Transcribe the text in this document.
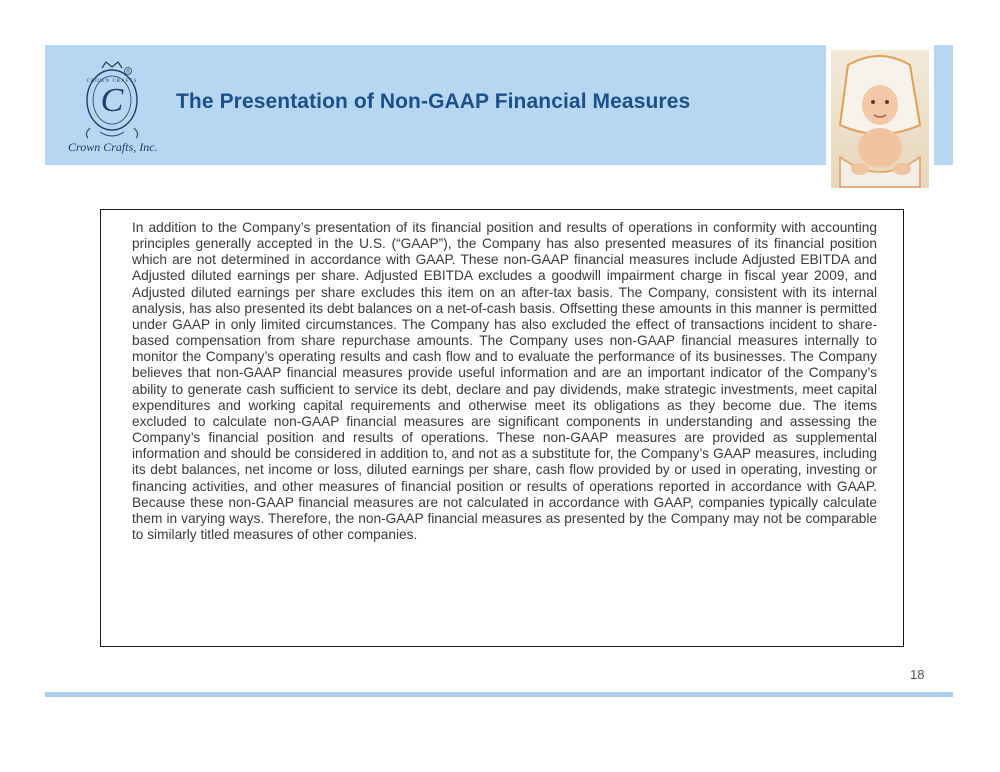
C
CROWN CRAFTS
®
Crown Crafts, Inc.
The Presentation of Non-GAAP Financial Measures

In addition to the Company’s presentation of its financial position and results of operations in conformity with accounting principles generally accepted in the U.S. (“GAAP”), the Company has also presented measures of its financial position which are not determined in accordance with GAAP. These non-GAAP financial measures include Adjusted EBITDA and Adjusted diluted earnings per share. Adjusted EBITDA excludes a goodwill impairment charge in fiscal year 2009, and Adjusted diluted earnings per share excludes this item on an after-tax basis. The Company, consistent with its internal analysis, has also presented its debt balances on a net-of-cash basis. Offsetting these amounts in this manner is permitted under GAAP in only limited circumstances. The Company has also excluded the effect of transactions incident to share-based compensation from share repurchase amounts. The Company uses non-GAAP financial measures internally to monitor the Company’s operating results and cash flow and to evaluate the performance of its businesses. The Company believes that non-GAAP financial measures provide useful information and are an important indicator of the Company’s ability to generate cash sufficient to service its debt, declare and pay dividends, make strategic investments, meet capital expenditures and working capital requirements and otherwise meet its obligations as they become due. The items excluded to calculate non-GAAP financial measures are significant components in understanding and assessing the Company’s financial position and results of operations. These non-GAAP measures are provided as supplemental information and should be considered in addition to, and not as a substitute for, the Company’s GAAP measures, including its debt balances, net income or loss, diluted earnings per share, cash flow provided by or used in operating, investing or financing activities, and other measures of financial position or results of operations reported in accordance with GAAP. Because these non-GAAP financial measures are not calculated in accordance with GAAP, companies typically calculate them in varying ways. Therefore, the non-GAAP financial measures as presented by the Company may not be comparable to similarly titled measures of other companies.

18
